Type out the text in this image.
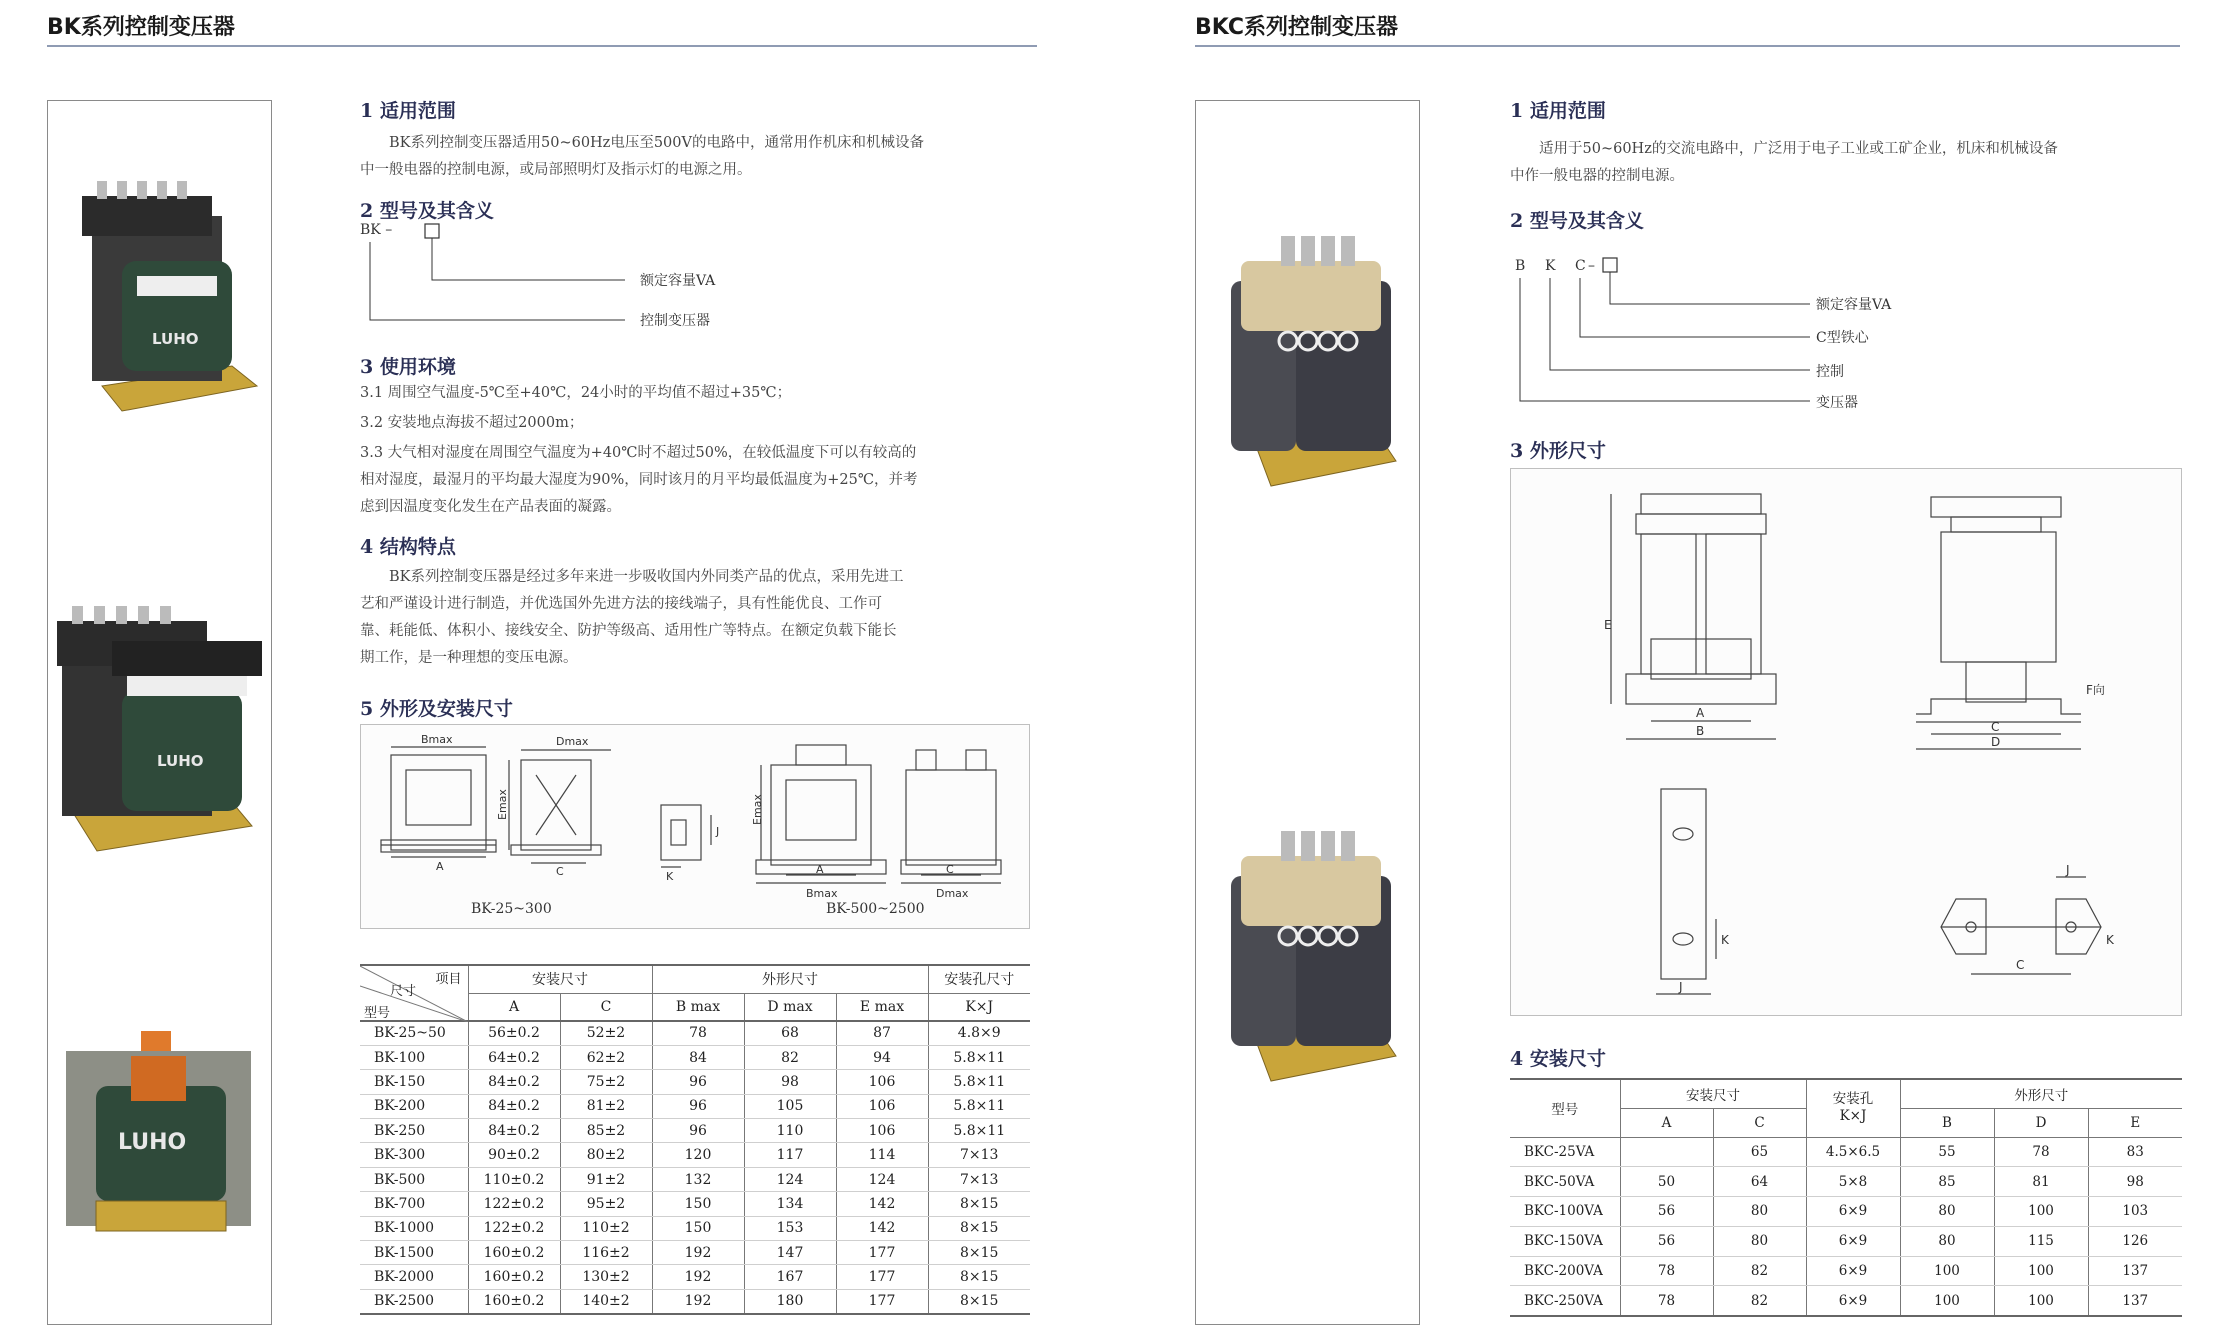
BK系列控制变压器
LUHO
LUHO
LUHO
1 适用范围

BK系列控制变压器适用50~60Hz电压至500V的电路中，通常用作机床和机械设备

中一般电器的控制电源，或局部照明灯及指示灯的电源之用。

2 型号及其含义
BK –
额定容量VA
控制变压器
3 使用环境

3.1 周围空气温度-5℃至+40℃，24小时的平均值不超过+35℃；

3.2 安装地点海拔不超过2000m；

3.3 大气相对湿度在周围空气温度为+40℃时不超过50%，在较低温度下可以有较高的

相对湿度，最湿月的平均最大湿度为90%，同时该月的月平均最低温度为+25℃，并考

虑到因温度变化发生在产品表面的凝露。

4 结构特点

BK系列控制变压器是经过多年来进一步吸收国内外同类产品的优点，采用先进工

艺和严谨设计进行制造，并优选国外先进方法的接线端子，具有性能优良、工作可

靠、耗能低、体积小、接线安全、防护等级高、适用性广等特点。在额定负载下能长

期工作，是一种理想的变压电源。

5 外形及安装尺寸
Bmax	Dmax
Emax
A	C
J
K
Emax
A
Bmax
C
Dmax
BK-25~300	BK-500~2500
项目
尺寸
型号	安装尺寸		外形尺寸			安装孔尺寸
	A	C	B max	D max	E max	K×J
BK-25~50	56±0.2	52±2	78	68	87	4.8×9
BK-100	64±0.2	62±2	84	82	94	5.8×11
BK-150	84±0.2	75±2	96	98	106	5.8×11
BK-200	84±0.2	81±2	96	105	106	5.8×11
BK-250	84±0.2	85±2	96	110	106	5.8×11
BK-300	90±0.2	80±2	120	117	114	7×13
BK-500	110±0.2	91±2	132	124	124	7×13
BK-700	122±0.2	95±2	150	134	142	8×15
BK-1000	122±0.2	110±2	150	153	142	8×15
BK-1500	160±0.2	116±2	192	147	177	8×15
BK-2000	160±0.2	130±2	192	167	177	8×15
BK-2500	160±0.2	140±2	192	180	177	8×15
BKC系列控制变压器
1 适用范围

适用于50~60Hz的交流电路中，广泛用于电子工业或工矿企业，机床和机械设备

中作一般电器的控制电源。

2 型号及其含义
B K C –
额定容量VA
C型铁心
控制
变压器
3 外形尺寸
E
A
B	C
D
F向
K
J
J
K
C
4 安装尺寸
型号	安装尺寸		安装孔
K×J	外形尺寸		
	A	C		B	D	E
BKC-25VA		65	4.5×6.5	55	78	83
BKC-50VA	50	64	5×8	85	81	98
BKC-100VA	56	80	6×9	80	100	103
BKC-150VA	56	80	6×9	80	115	126
BKC-200VA	78	82	6×9	100	100	137
BKC-250VA	78	82	6×9	100	100	137
